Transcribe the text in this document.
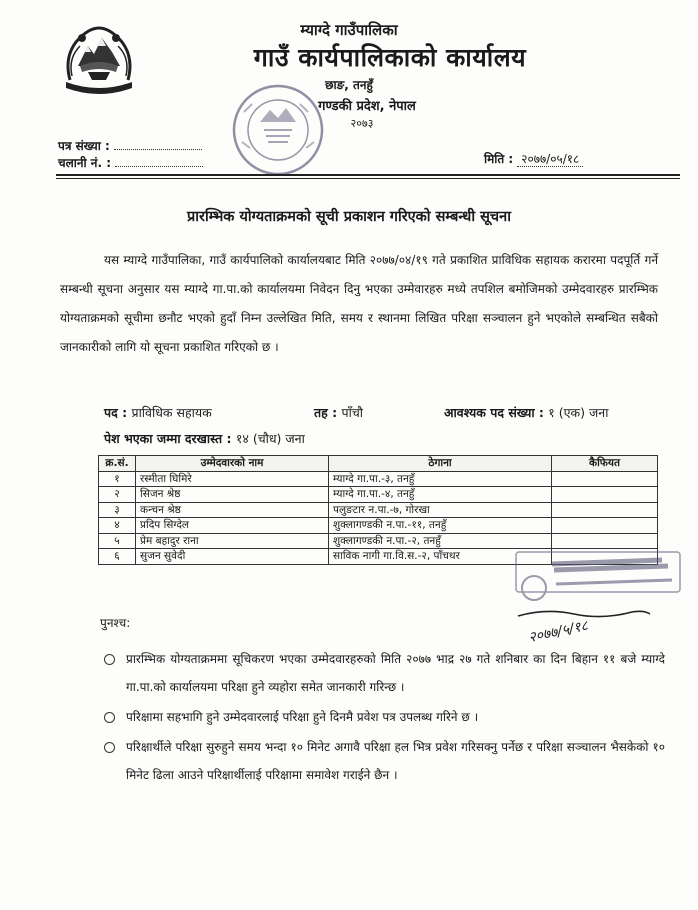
म्याग्दे गाउँपालिका
गाउँ कार्यपालिकाको कार्यालय
छाङ, तनहुँ
गण्डकी प्रदेश, नेपाल
२०७३
पत्र संख्या :
चलानी नं. :	मिति : २०७७/०५/१८
प्रारम्भिक योग्यताक्रमको सूची प्रकाशन गरिएको सम्बन्धी सूचना
यस म्याग्दे गाउँपालिका, गाउँ कार्यपालिको कार्यालयबाट मिति २०७७/०४/१९ गते प्रकाशित प्राविधिक सहायक करारमा पदपूर्ति गर्ने सम्बन्धी सूचना अनुसार यस म्याग्दे गा.पा.को कार्यालयमा निवेदन दिनु भएका उम्मेवारहरु मध्ये तपशिल बमोजिमको उम्मेदवारहरु प्रारम्भिक योग्यताक्रमको सूचीमा छनौट भएको हुदाँ निम्न उल्लेखित मिति, समय र स्थानमा लिखित परिक्षा सञ्चालन हुने भएकोले सम्बन्धित सबैको जानकारीको लागि यो सूचना प्रकाशित गरिएको छ ।
पद : प्राविधिक सहायक	तह : पाँचौ	आवश्यक पद संख्या : १ (एक) जना
पेश भएका जम्मा दरखास्त : १४ (चौध) जना
क्र.सं.	उम्मेदवारको नाम	ठेगाना	कैफियत
१	रस्मीता घिमिरे	म्याग्दे गा.पा.-३, तनहुँ	
२	सिजन श्रेष्ठ	म्याग्दे गा.पा.-४, तनहुँ	
३	कन्चन श्रेष्ठ	पलुङटार न.पा.-७, गोरखा	
४	प्रदिप सिग्देल	शुक्लागण्डकी न.पा.-११, तनहुँ	
५	प्रेम बहादुर राना	शुक्लागण्डकी न.पा.-२, तनहुँ	
६	सुजन सुवेदी	साविक नागी गा.वि.स.-२, पाँचथर	
२०७७/५/१८
पुनश्च:
प्रारम्भिक योग्यताक्रममा सूचिकरण भएका उम्मेदवारहरुको मिति २०७७ भाद्र २७ गते शनिबार का दिन बिहान ११ बजे म्याग्दे गा.पा.को कार्यालयमा परिक्षा हुने व्यहोरा समेत जानकारी गरिन्छ ।
परिक्षामा सहभागि हुने उम्मेदवारलाई परिक्षा हुने दिनमै प्रवेश पत्र उपलब्ध गरिने छ ।
परिक्षार्थीले परिक्षा सुरुहुने समय भन्दा १० मिनेट अगावै परिक्षा हल भित्र प्रवेश गरिसक्नु पर्नेछ र परिक्षा सञ्चालन भैसकेको १० मिनेट ढिला आउने परिक्षार्थीलाई परिक्षामा समावेश गराईने छैन ।
